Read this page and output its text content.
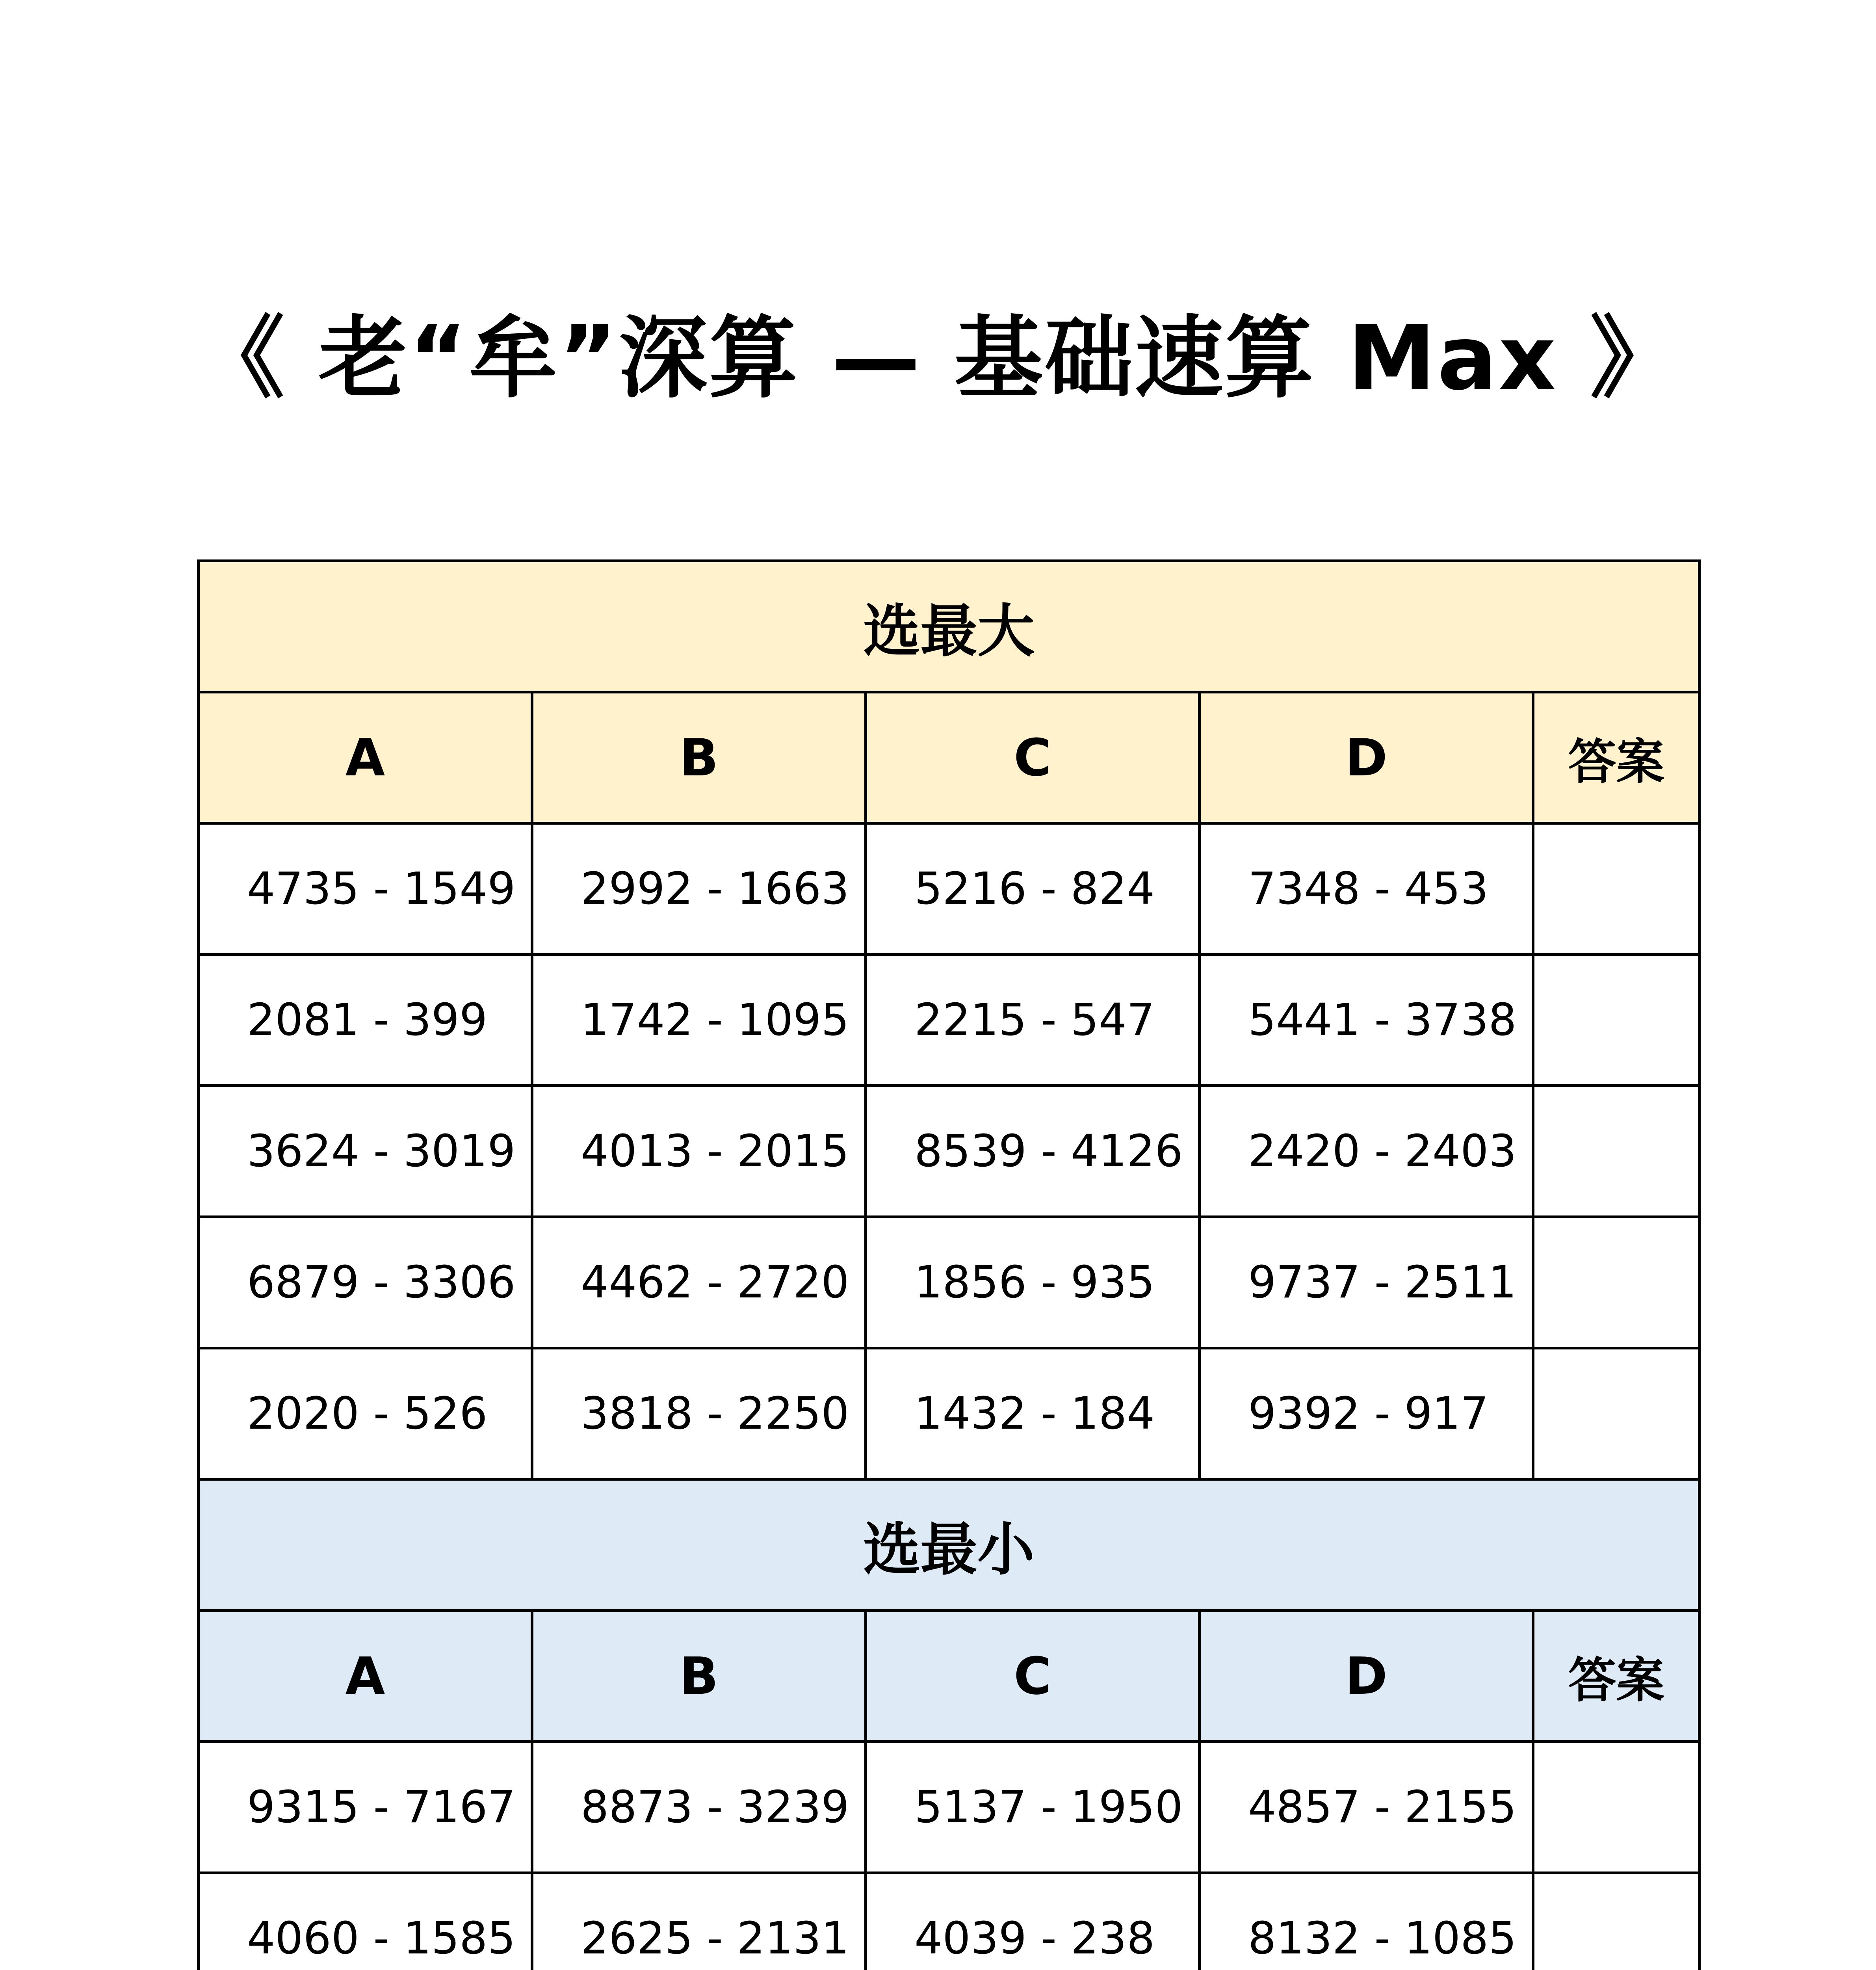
《 老“牟”深算 — 基础速算 Max 》
选最大				
A	B	C	D	答案
4735 - 1549	2992 - 1663	5216 - 824	7348 - 453	
2081 - 399	1742 - 1095	2215 - 547	5441 - 3738	
3624 - 3019	4013 - 2015	8539 - 4126	2420 - 2403	
6879 - 3306	4462 - 2720	1856 - 935	9737 - 2511	
2020 - 526	3818 - 2250	1432 - 184	9392 - 917	
选最小				
A	B	C	D	答案
9315 - 7167	8873 - 3239	5137 - 1950	4857 - 2155	
4060 - 1585	2625 - 2131	4039 - 238	8132 - 1085	
